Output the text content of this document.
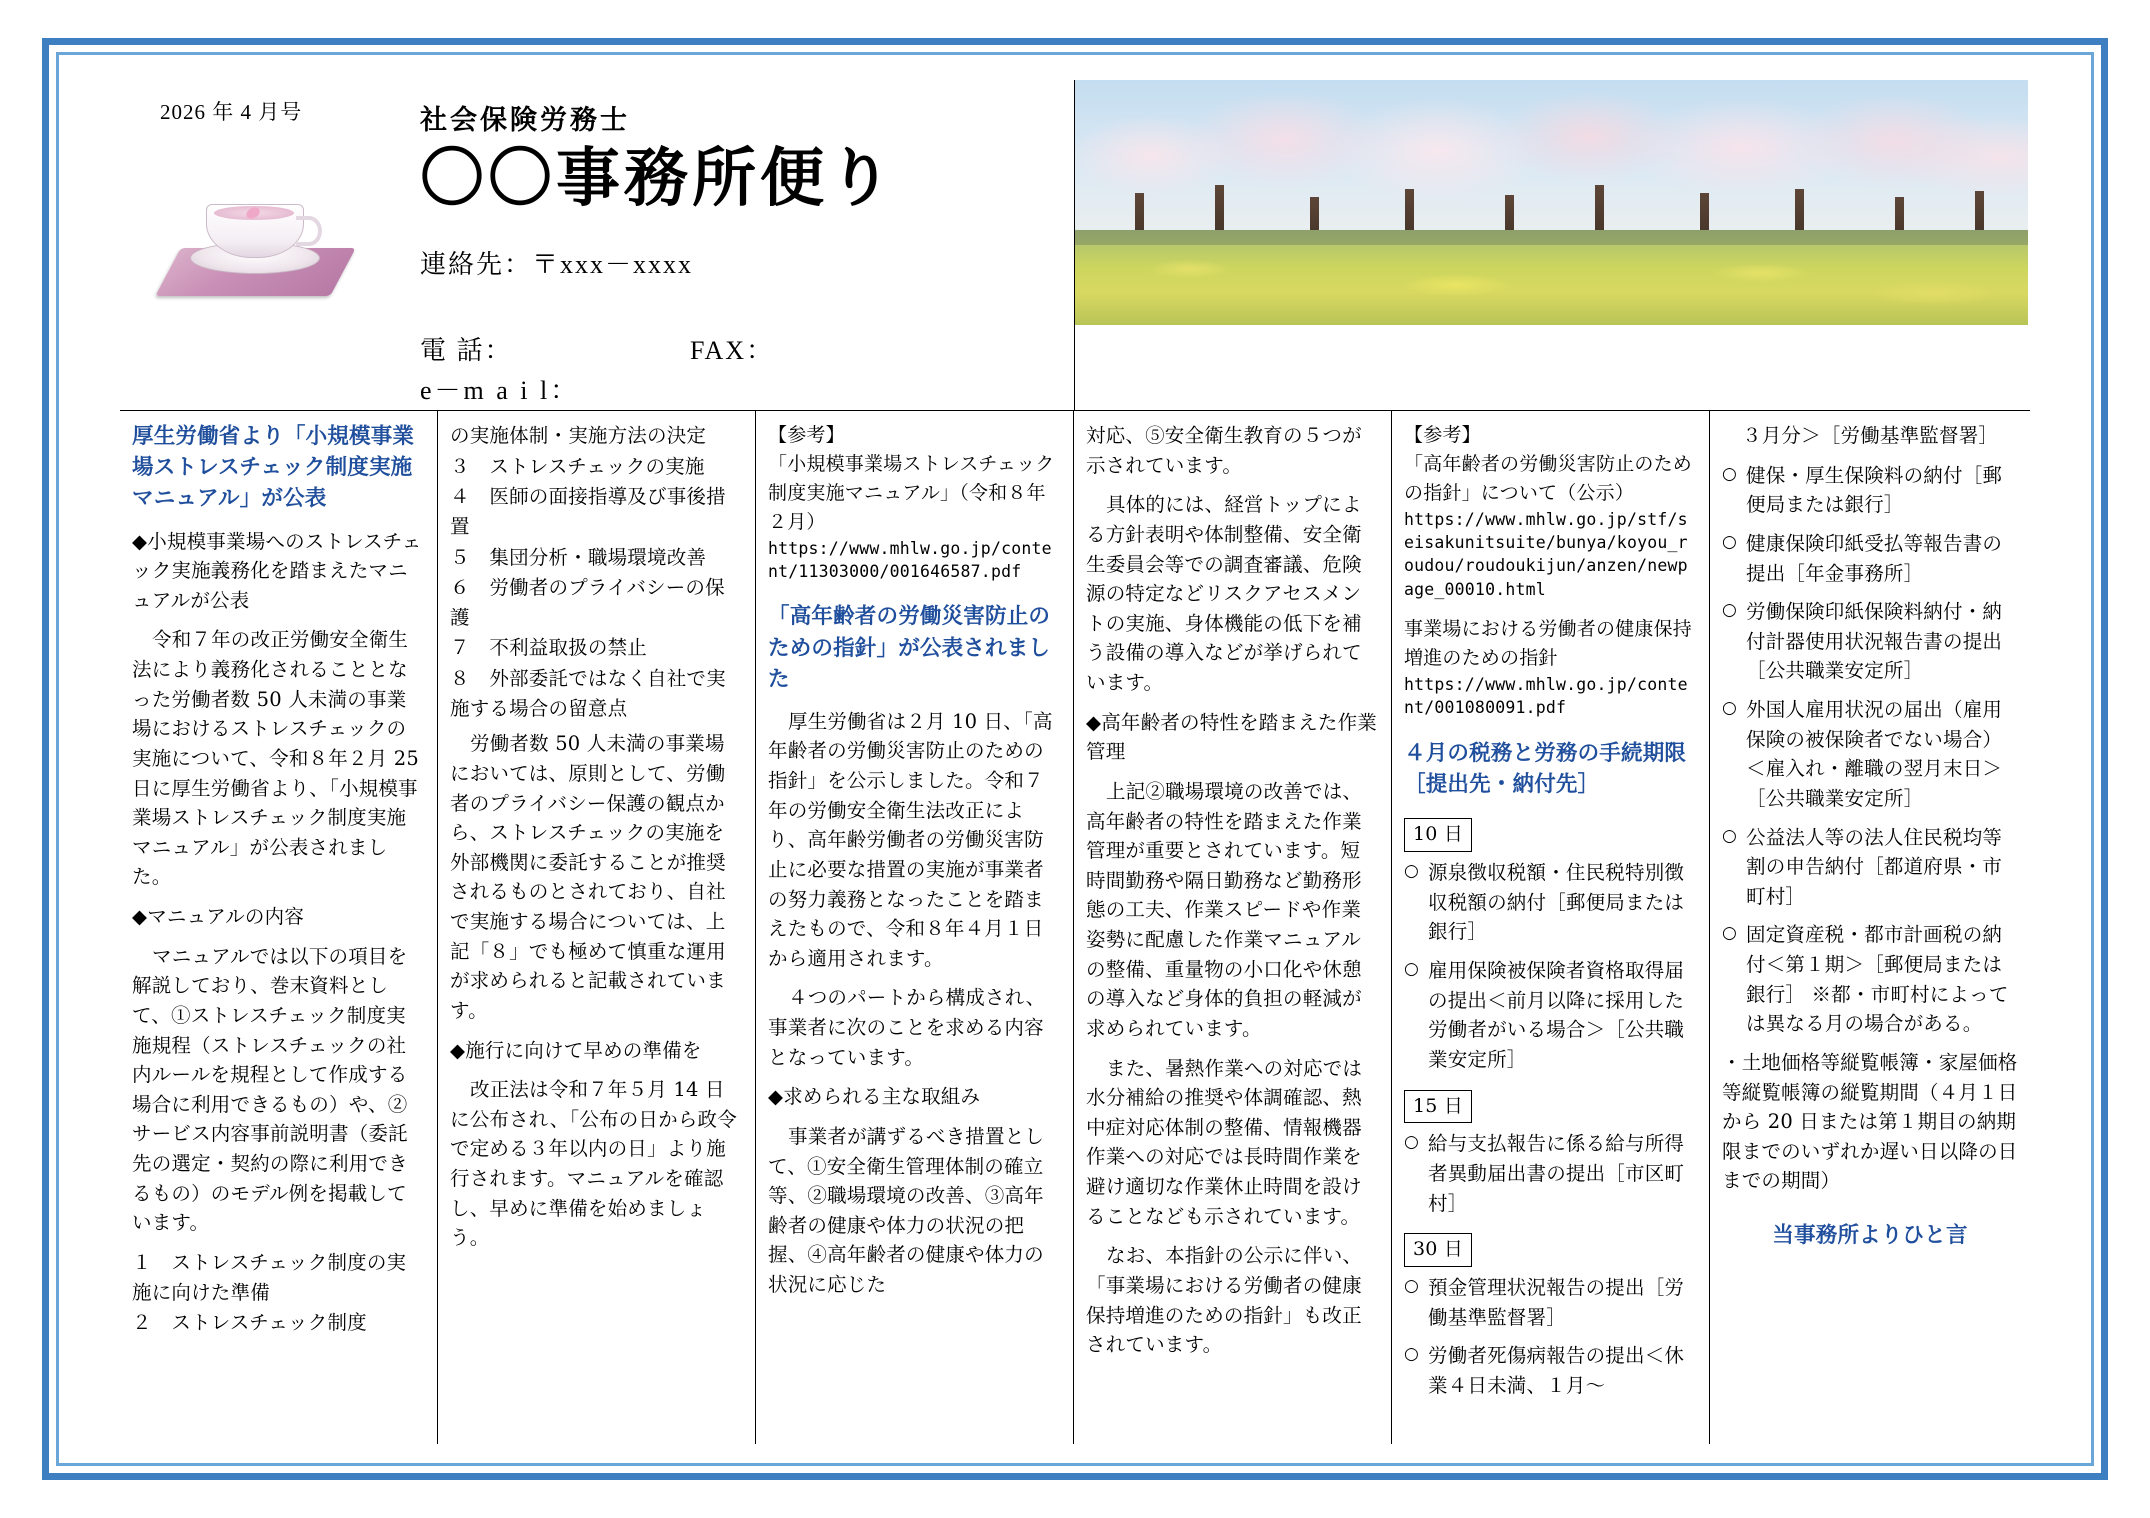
2026 年 4 月号	社会保険労務士
〇〇事務所便り
連絡先：〒xxx－xxxx
電 話：	FAX：
e－m a i l：
厚生労働省より「小規模事業場ストレスチェック制度実施マニュアル」が公表

◆小規模事業場へのストレスチェック実施義務化を踏まえたマニュアルが公表

令和７年の改正労働安全衛生法により義務化されることとなった労働者数 50 人未満の事業場におけるストレスチェックの実施について、令和８年２月 25 日に厚生労働省より、「小規模事業場ストレスチェック制度実施マニュアル」が公表されました。

◆マニュアルの内容

マニュアルでは以下の項目を解説しており、巻末資料として、①ストレスチェック制度実施規程（ストレスチェックの社内ルールを規程として作成する場合に利用できるもの）や、②サービス内容事前説明書（委託先の選定・契約の際に利用できるもの）のモデル例を掲載しています。

１　ストレスチェック制度の実施に向けた準備
２　ストレスチェック制度
の実施体制・実施方法の決定
３　ストレスチェックの実施
４　医師の面接指導及び事後措置
５　集団分析・職場環境改善
６　労働者のプライバシーの保護
７　不利益取扱の禁止
８　外部委託ではなく自社で実施する場合の留意点

労働者数 50 人未満の事業場においては、原則として、労働者のプライバシー保護の観点から、ストレスチェックの実施を外部機関に委託することが推奨されるものとされており、自社で実施する場合については、上記「８」でも極めて慎重な運用が求められると記載されています。

◆施行に向けて早めの準備を

改正法は令和７年５月 14 日に公布され、「公布の日から政令で定める３年以内の日」より施行されます。マニュアルを確認し、早めに準備を始めましょう。

【参考】
「小規模事業場ストレスチェック制度実施マニュアル」（令和８年２月）
https://www.mhlw.go.jp/content/11303000/001646587.pdf
「高年齢者の労働災害防止のための指針」が公表されました

厚生労働省は２月 10 日、「高年齢者の労働災害防止のための指針」を公示しました。令和７年の労働安全衛生法改正により、高年齢労働者の労働災害防止に必要な措置の実施が事業者の努力義務となったことを踏まえたもので、令和８年４月１日から適用されます。

４つのパートから構成され、事業者に次のことを求める内容となっています。

◆求められる主な取組み

事業者が講ずるべき措置として、①安全衛生管理体制の確立等、②職場環境の改善、③高年齢者の健康や体力の状況の把握、④高年齢者の健康や体力の状況に応じた

対応、⑤安全衛生教育の５つが示されています。

具体的には、経営トップによる方針表明や体制整備、安全衛生委員会等での調査審議、危険源の特定などリスクアセスメントの実施、身体機能の低下を補う設備の導入などが挙げられています。

◆高年齢者の特性を踏まえた作業管理

上記②職場環境の改善では、高年齢者の特性を踏まえた作業管理が重要とされています。短時間勤務や隔日勤務など勤務形態の工夫、作業スピードや作業姿勢に配慮した作業マニュアルの整備、重量物の小口化や休憩の導入など身体的負担の軽減が求められています。

また、暑熱作業への対応では水分補給の推奨や体調確認、熱中症対応体制の整備、情報機器作業への対応では長時間作業を避け適切な作業休止時間を設けることなども示されています。

なお、本指針の公示に伴い、「事業場における労働者の健康保持増進のための指針」も改正されています。

【参考】
「高年齢者の労働災害防止のための指針」について（公示）
https://www.mhlw.go.jp/stf/seisakunitsuite/bunya/koyou_roudou/roudoukijun/anzen/newpage_00010.html
事業場における労働者の健康保持増進のための指針
https://www.mhlw.go.jp/content/001080091.pdf
４月の税務と労務の手続期限［提出先・納付先］
10 日
○ 源泉徴収税額・住民税特別徴収税額の納付［郵便局または銀行］
○ 雇用保険被保険者資格取得届の提出＜前月以降に採用した労働者がいる場合＞［公共職業安定所］
15 日
○ 給与支払報告に係る給与所得者異動届出書の提出［市区町村］
30 日
○ 預金管理状況報告の提出［労働基準監督署］
○ 労働者死傷病報告の提出＜休業４日未満、１月～

３月分＞［労働基準監督署］

○ 健保・厚生保険料の納付［郵便局または銀行］
○ 健康保険印紙受払等報告書の提出［年金事務所］
○ 労働保険印紙保険料納付・納付計器使用状況報告書の提出［公共職業安定所］
○ 外国人雇用状況の届出（雇用保険の被保険者でない場合）＜雇入れ・離職の翌月末日＞［公共職業安定所］
○ 公益法人等の法人住民税均等割の申告納付［都道府県・市町村］
○ 固定資産税・都市計画税の納付＜第１期＞［郵便局または銀行］ ※都・市町村によっては異なる月の場合がある。

・土地価格等縦覧帳簿・家屋価格等縦覧帳簿の縦覧期間（４月１日から 20 日または第１期目の納期限までのいずれか遅い日以降の日までの期間）

当事務所よりひと言
